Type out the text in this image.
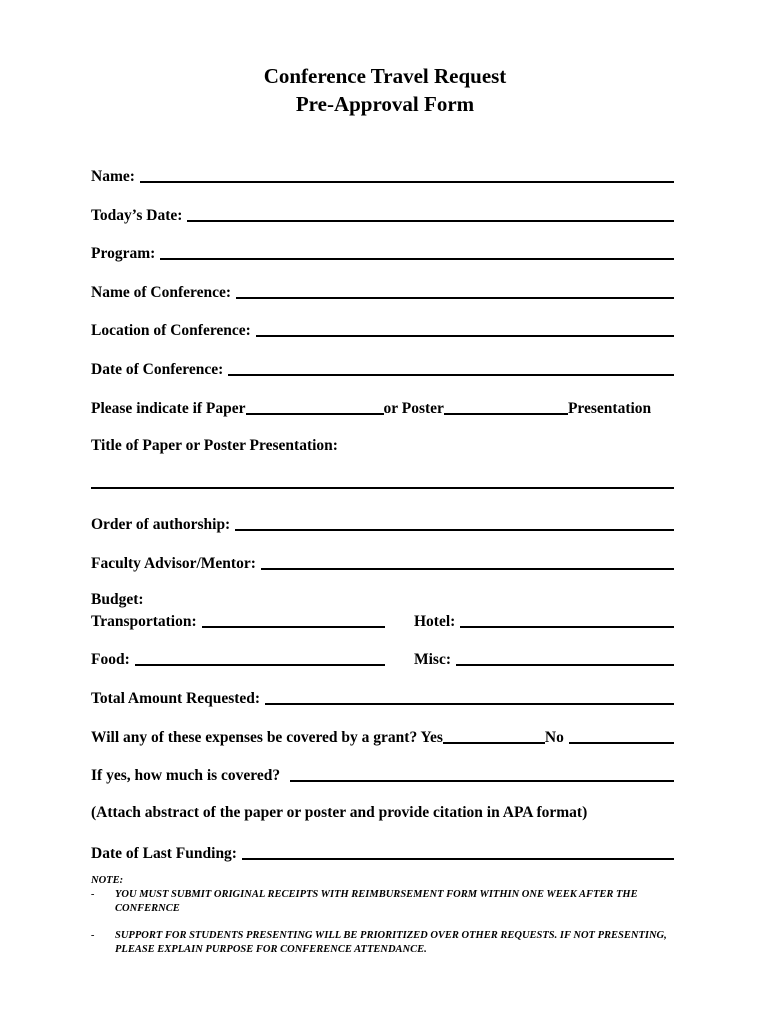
Conference Travel Request
Pre-Approval Form
Name:
Today’s Date:
Program:
Name of Conference:
Location of Conference:
Date of Conference:
Please indicate if Paper	or Poster	Presentation
Title of Paper or Poster Presentation:
Order of authorship:
Faculty Advisor/Mentor:
Budget:
Transportation:	Hotel:
Food:	Misc:
Total Amount Requested:
Will any of these expenses be covered by a grant? Yes	No
If yes, how much is covered?
(Attach abstract of the paper or poster and provide citation in APA format)
Date of Last Funding:
NOTE:
- YOU MUST SUBMIT ORIGINAL RECEIPTS WITH REIMBURSEMENT FORM WITHIN ONE WEEK AFTER THE CONFERNCE
- SUPPORT FOR STUDENTS PRESENTING WILL BE PRIORITIZED OVER OTHER REQUESTS. IF NOT PRESENTING, PLEASE EXPLAIN PURPOSE FOR CONFERENCE ATTENDANCE.
